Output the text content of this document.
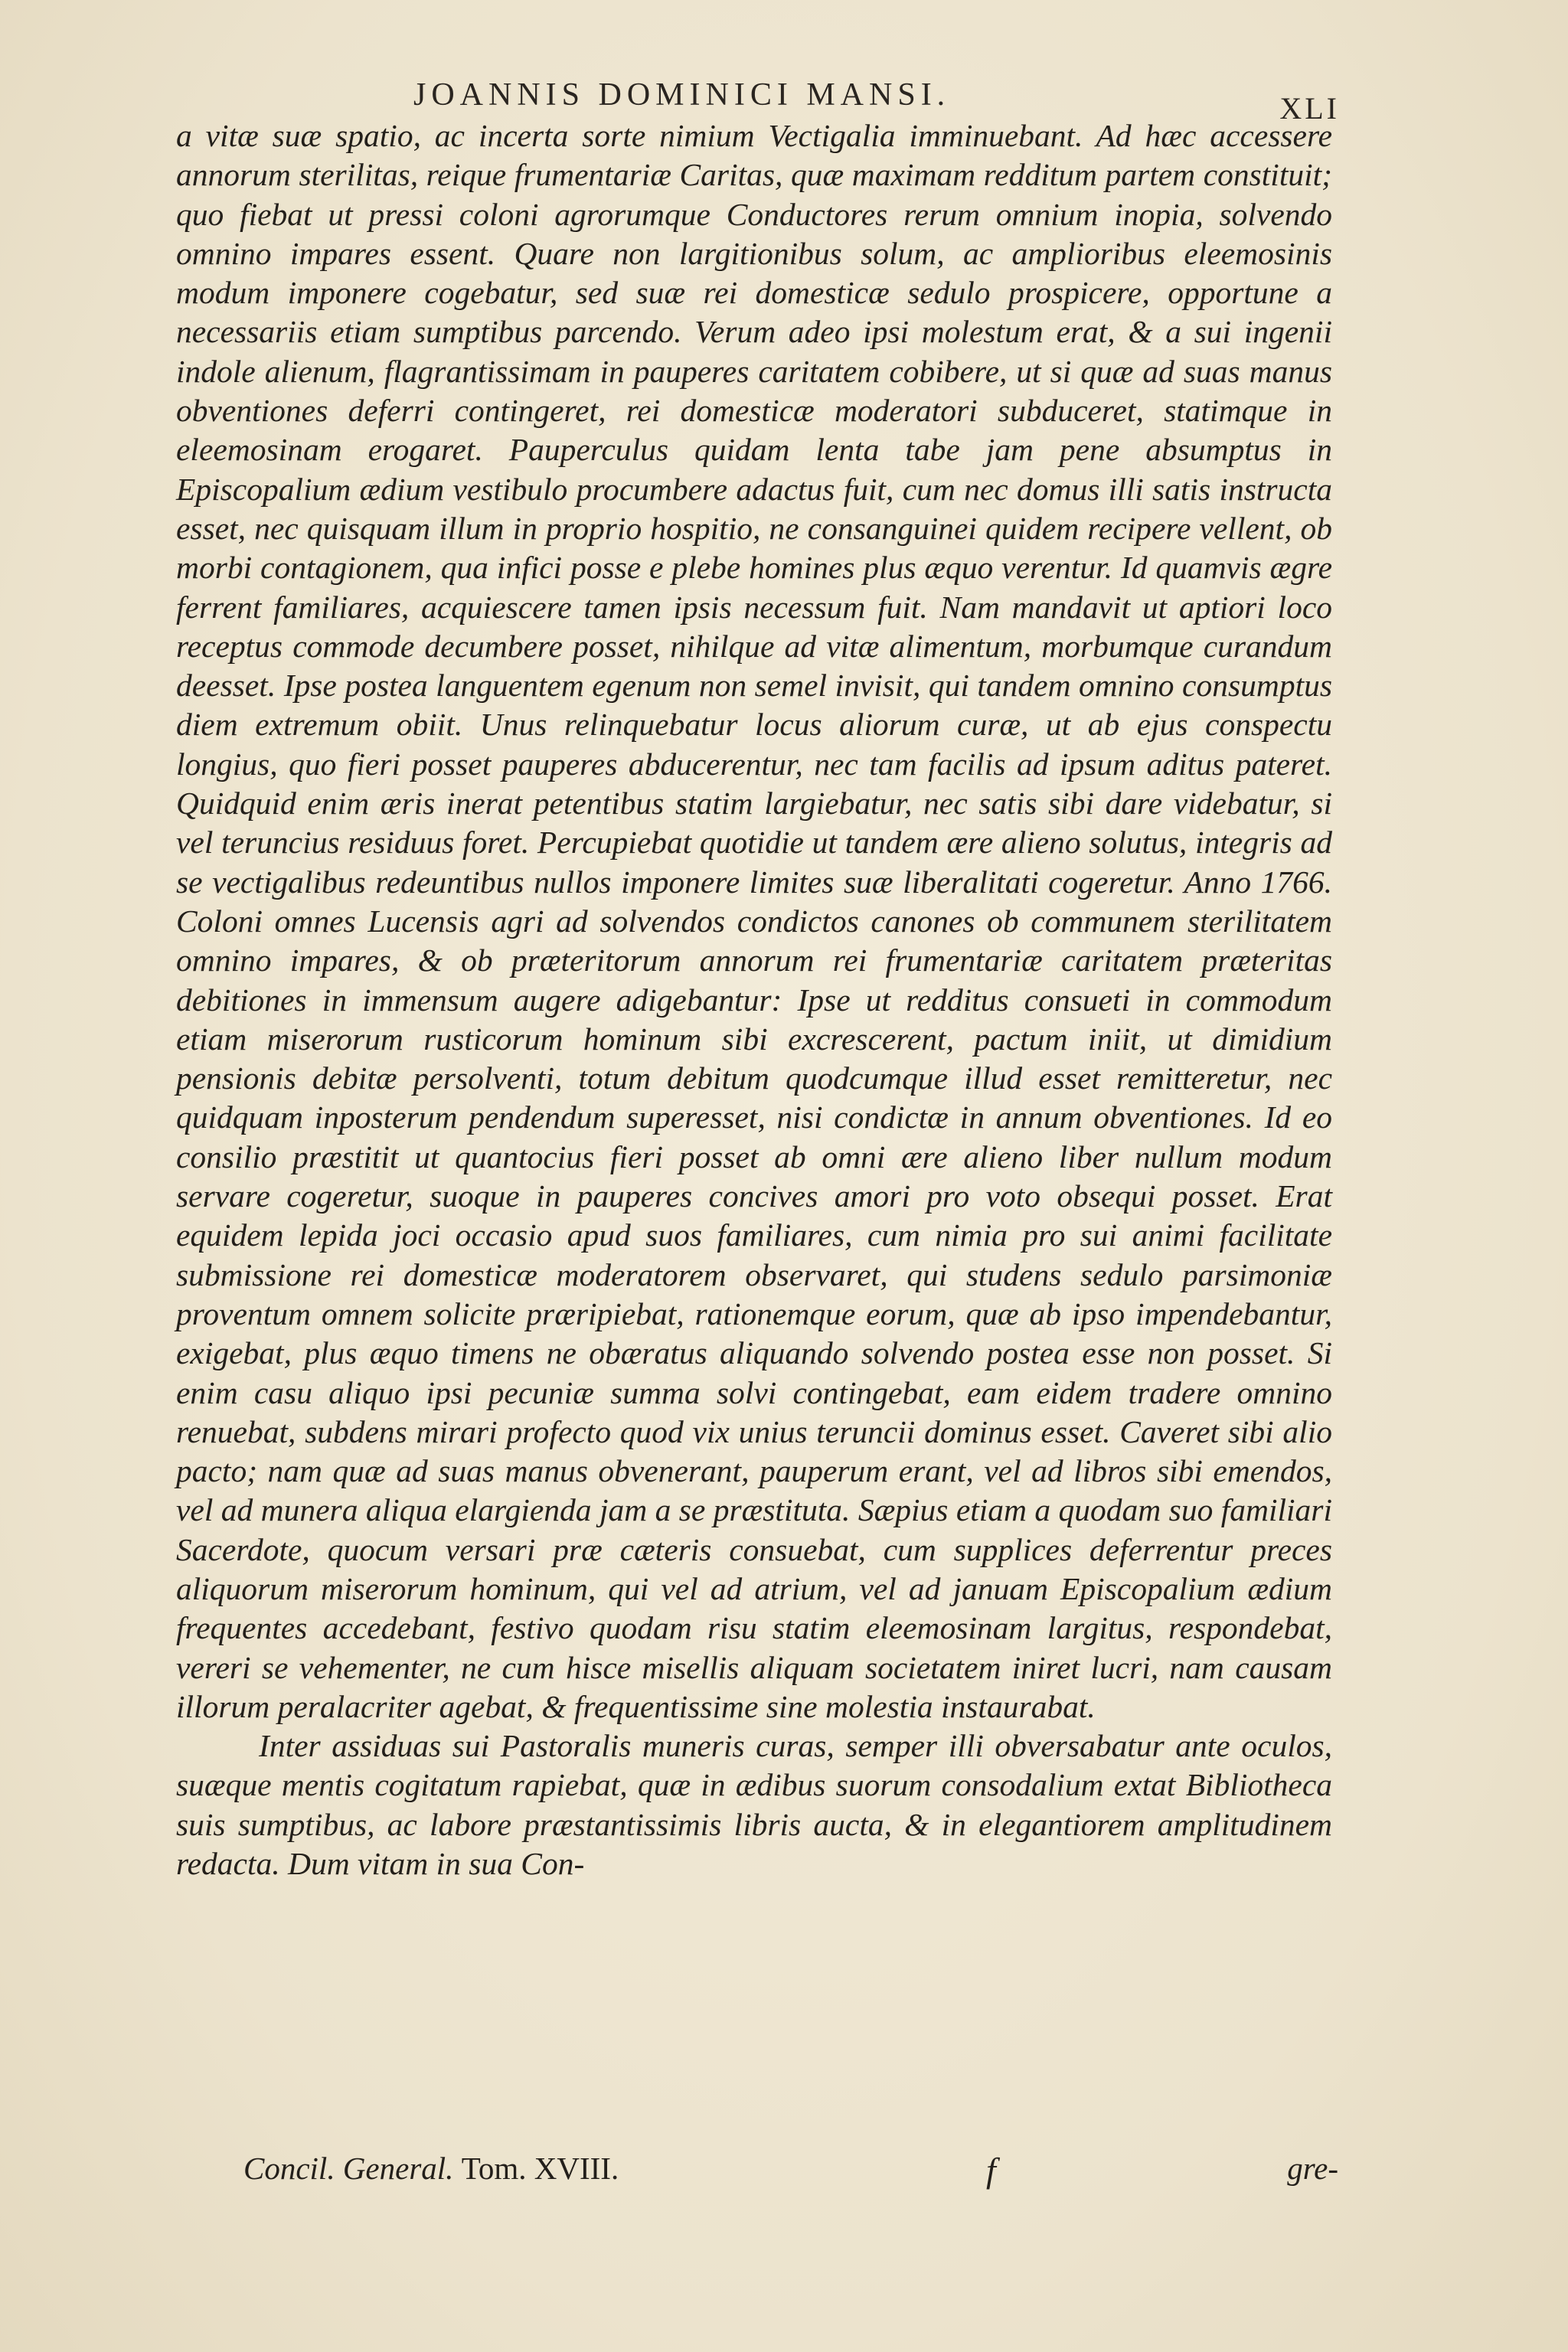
JOANNIS DOMINICI MANSI.	XLI

a vitæ suæ spatio, ac incerta sorte nimium Vectigalia imminuebant. Ad hæc accessere annorum sterilitas, reique frumentariæ Caritas, quæ maximam redditum partem constituit; quo fiebat ut pressi coloni agrorumque Conductores rerum omnium inopia, solvendo omnino impares essent. Quare non largitionibus solum, ac amplioribus eleemosinis modum imponere cogebatur, sed suæ rei domesticæ sedulo prospicere, opportune a necessariis etiam sumptibus parcendo. Verum adeo ipsi molestum erat, & a sui ingenii indole alienum, flagrantissimam in pauperes caritatem cobibere, ut si quæ ad suas manus obventiones deferri contingeret, rei domesticæ moderatori subduceret, statimque in eleemosinam erogaret. Pauperculus quidam lenta tabe jam pene absumptus in Episcopalium ædium vestibulo procumbere adactus fuit, cum nec domus illi satis instructa esset, nec quisquam illum in proprio hospitio, ne consanguinei quidem recipere vellent, ob morbi contagionem, qua infici posse e plebe homines plus æquo verentur. Id quamvis ægre ferrent familiares, acquiescere tamen ipsis necessum fuit. Nam mandavit ut aptiori loco receptus commode decumbere posset, nihilque ad vitæ alimentum, morbumque curandum deesset. Ipse postea languentem egenum non semel invisit, qui tandem omnino consumptus diem extremum obiit. Unus relinquebatur locus aliorum curæ, ut ab ejus conspectu longius, quo fieri posset pauperes abducerentur, nec tam facilis ad ipsum aditus pateret. Quidquid enim æris inerat petentibus statim largiebatur, nec satis sibi dare videbatur, si vel teruncius residuus foret. Percupiebat quotidie ut tandem ære alieno solutus, integris ad se vectigalibus redeuntibus nullos imponere limites suæ liberalitati cogeretur. Anno 1766. Coloni omnes Lucensis agri ad solvendos condictos canones ob communem sterilitatem omnino impares, & ob præteritorum annorum rei frumentariæ caritatem præteritas debitiones in immensum augere adigebantur: Ipse ut redditus consueti in commodum etiam miserorum rusticorum hominum sibi excrescerent, pactum iniit, ut dimidium pensionis debitæ persolventi, totum debitum quodcumque illud esset remitteretur, nec quidquam inposterum pendendum superesset, nisi condictæ in annum obventiones. Id eo consilio præstitit ut quantocius fieri posset ab omni ære alieno liber nullum modum servare cogeretur, suoque in pauperes concives amori pro voto obsequi posset. Erat equidem lepida joci occasio apud suos familiares, cum nimia pro sui animi facilitate submissione rei domesticæ moderatorem observaret, qui studens sedulo parsimoniæ proventum omnem solicite præripiebat, rationemque eorum, quæ ab ipso impendebantur, exigebat, plus æquo timens ne obæratus aliquando solvendo postea esse non posset. Si enim casu aliquo ipsi pecuniæ summa solvi contingebat, eam eidem tradere omnino renuebat, subdens mirari profecto quod vix unius teruncii dominus esset. Caveret sibi alio pacto; nam quæ ad suas manus obvenerant, pauperum erant, vel ad libros sibi emendos, vel ad munera aliqua elargienda jam a se præstituta. Sæpius etiam a quodam suo familiari Sacerdote, quocum versari præ cæteris consuebat, cum supplices deferrentur preces aliquorum miserorum hominum, qui vel ad atrium, vel ad januam Episcopalium ædium frequentes accedebant, festivo quodam risu statim eleemosinam largitus, respondebat, vereri se vehementer, ne cum hisce misellis aliquam societatem iniret lucri, nam causam illorum peralacriter agebat, & frequentissime sine molestia instaurabat.

Inter assiduas sui Pastoralis muneris curas, semper illi obversabatur ante oculos, suæque mentis cogitatum rapiebat, quæ in ædibus suorum consodalium extat Bibliotheca suis sumptibus, ac labore præstantissimis libris aucta, & in elegantiorem amplitudinem redacta. Dum vitam in sua Con-

Concil. General. Tom. XVIII.	f	gre-
